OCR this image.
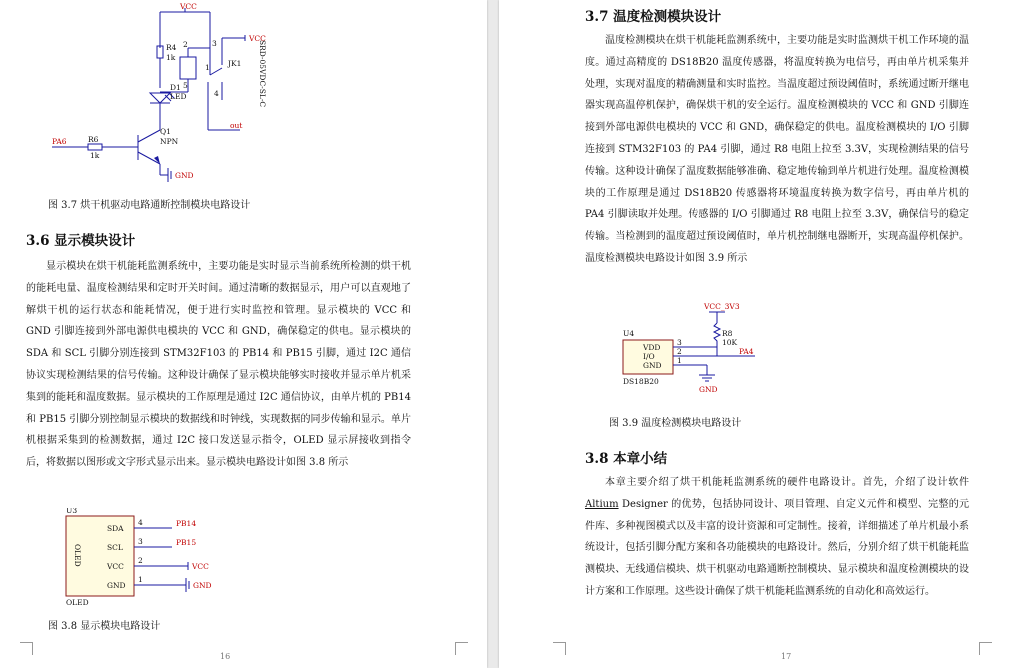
VCC
VCC
out
PA6
GND
R4
1k
D1
LED
Q1
NPN
R6
1k
JK1
2
5
1
3
4	SRD-05VDC-SL-C
图 3.7 烘干机驱动电路通断控制模块电路设计
3.6 显示模块设计

显示模块在烘干机能耗监测系统中，主要功能是实时显示当前系统所检测的烘干机的能耗电量、温度检测结果和定时开关时间。通过清晰的数据显示，用户可以直观地了解烘干机的运行状态和能耗情况，便于进行实时监控和管理。显示模块的 VCC 和 GND 引脚连接到外部电源供电模块的 VCC 和 GND，确保稳定的供电。显示模块的 SDA 和 SCL 引脚分别连接到 STM32F103 的 PB14 和 PB15 引脚，通过 I2C 通信协议实现检测结果的信号传输。这种设计确保了显示模块能够实时接收并显示单片机采集到的能耗和温度数据。显示模块的工作原理是通过 I2C 通信协议，由单片机的 PB14 和 PB15 引脚分别控制显示模块的数据线和时钟线，实现数据的同步传输和显示。单片机根据采集到的检测数据，通过 I2C 接口发送显示指令，OLED 显示屏接收到指令后，将数据以图形或文字形式显示出来。显示模块电路设计如图 3.8 所示

U3
OLED
OLED
SDA
SCL
VCC
GND
4
3
2
1
PB14
PB15
VCC
GND
图 3.8 显示模块电路设计
16
3.7 温度检测模块设计

温度检测模块在烘干机能耗监测系统中，主要功能是实时监测烘干机工作环境的温度。通过高精度的 DS18B20 温度传感器，将温度转换为电信号，再由单片机采集并处理，实现对温度的精确测量和实时监控。当温度超过预设阈值时，系统通过断开继电器实现高温停机保护，确保烘干机的安全运行。温度检测模块的 VCC 和 GND 引脚连接到外部电源供电模块的 VCC 和 GND，确保稳定的供电。温度检测模块的 I/O 引脚连接到 STM32F103 的 PA4 引脚，通过 R8 电阻上拉至 3.3V，实现检测结果的信号传输。这种设计确保了温度数据能够准确、稳定地传输到单片机进行处理。温度检测模块的工作原理是通过 DS18B20 传感器将环境温度转换为数字信号，再由单片机的 PA4 引脚读取并处理。传感器的 I/O 引脚通过 R8 电阻上拉至 3.3V，确保信号的稳定传输。当检测到的温度超过预设阈值时，单片机控制继电器断开，实现高温停机保护。温度检测模块电路设计如图 3.9 所示

U4
VDD
I/O
GND
3
2
1
R8
10K
DS18B20
VCC_3V3
PA4
GND
图 3.9 温度检测模块电路设计
3.8 本章小结

本章主要介绍了烘干机能耗监测系统的硬件电路设计。首先，介绍了设计软件 Altium Designer 的优势，包括协同设计、项目管理、自定义元件和模型、完整的元件库、多种视图模式以及丰富的设计资源和可定制性。接着，详细描述了单片机最小系统设计，包括引脚分配方案和各功能模块的电路设计。然后，分别介绍了烘干机能耗监测模块、无线通信模块、烘干机驱动电路通断控制模块、显示模块和温度检测模块的设计方案和工作原理。这些设计确保了烘干机能耗监测系统的自动化和高效运行。

17
